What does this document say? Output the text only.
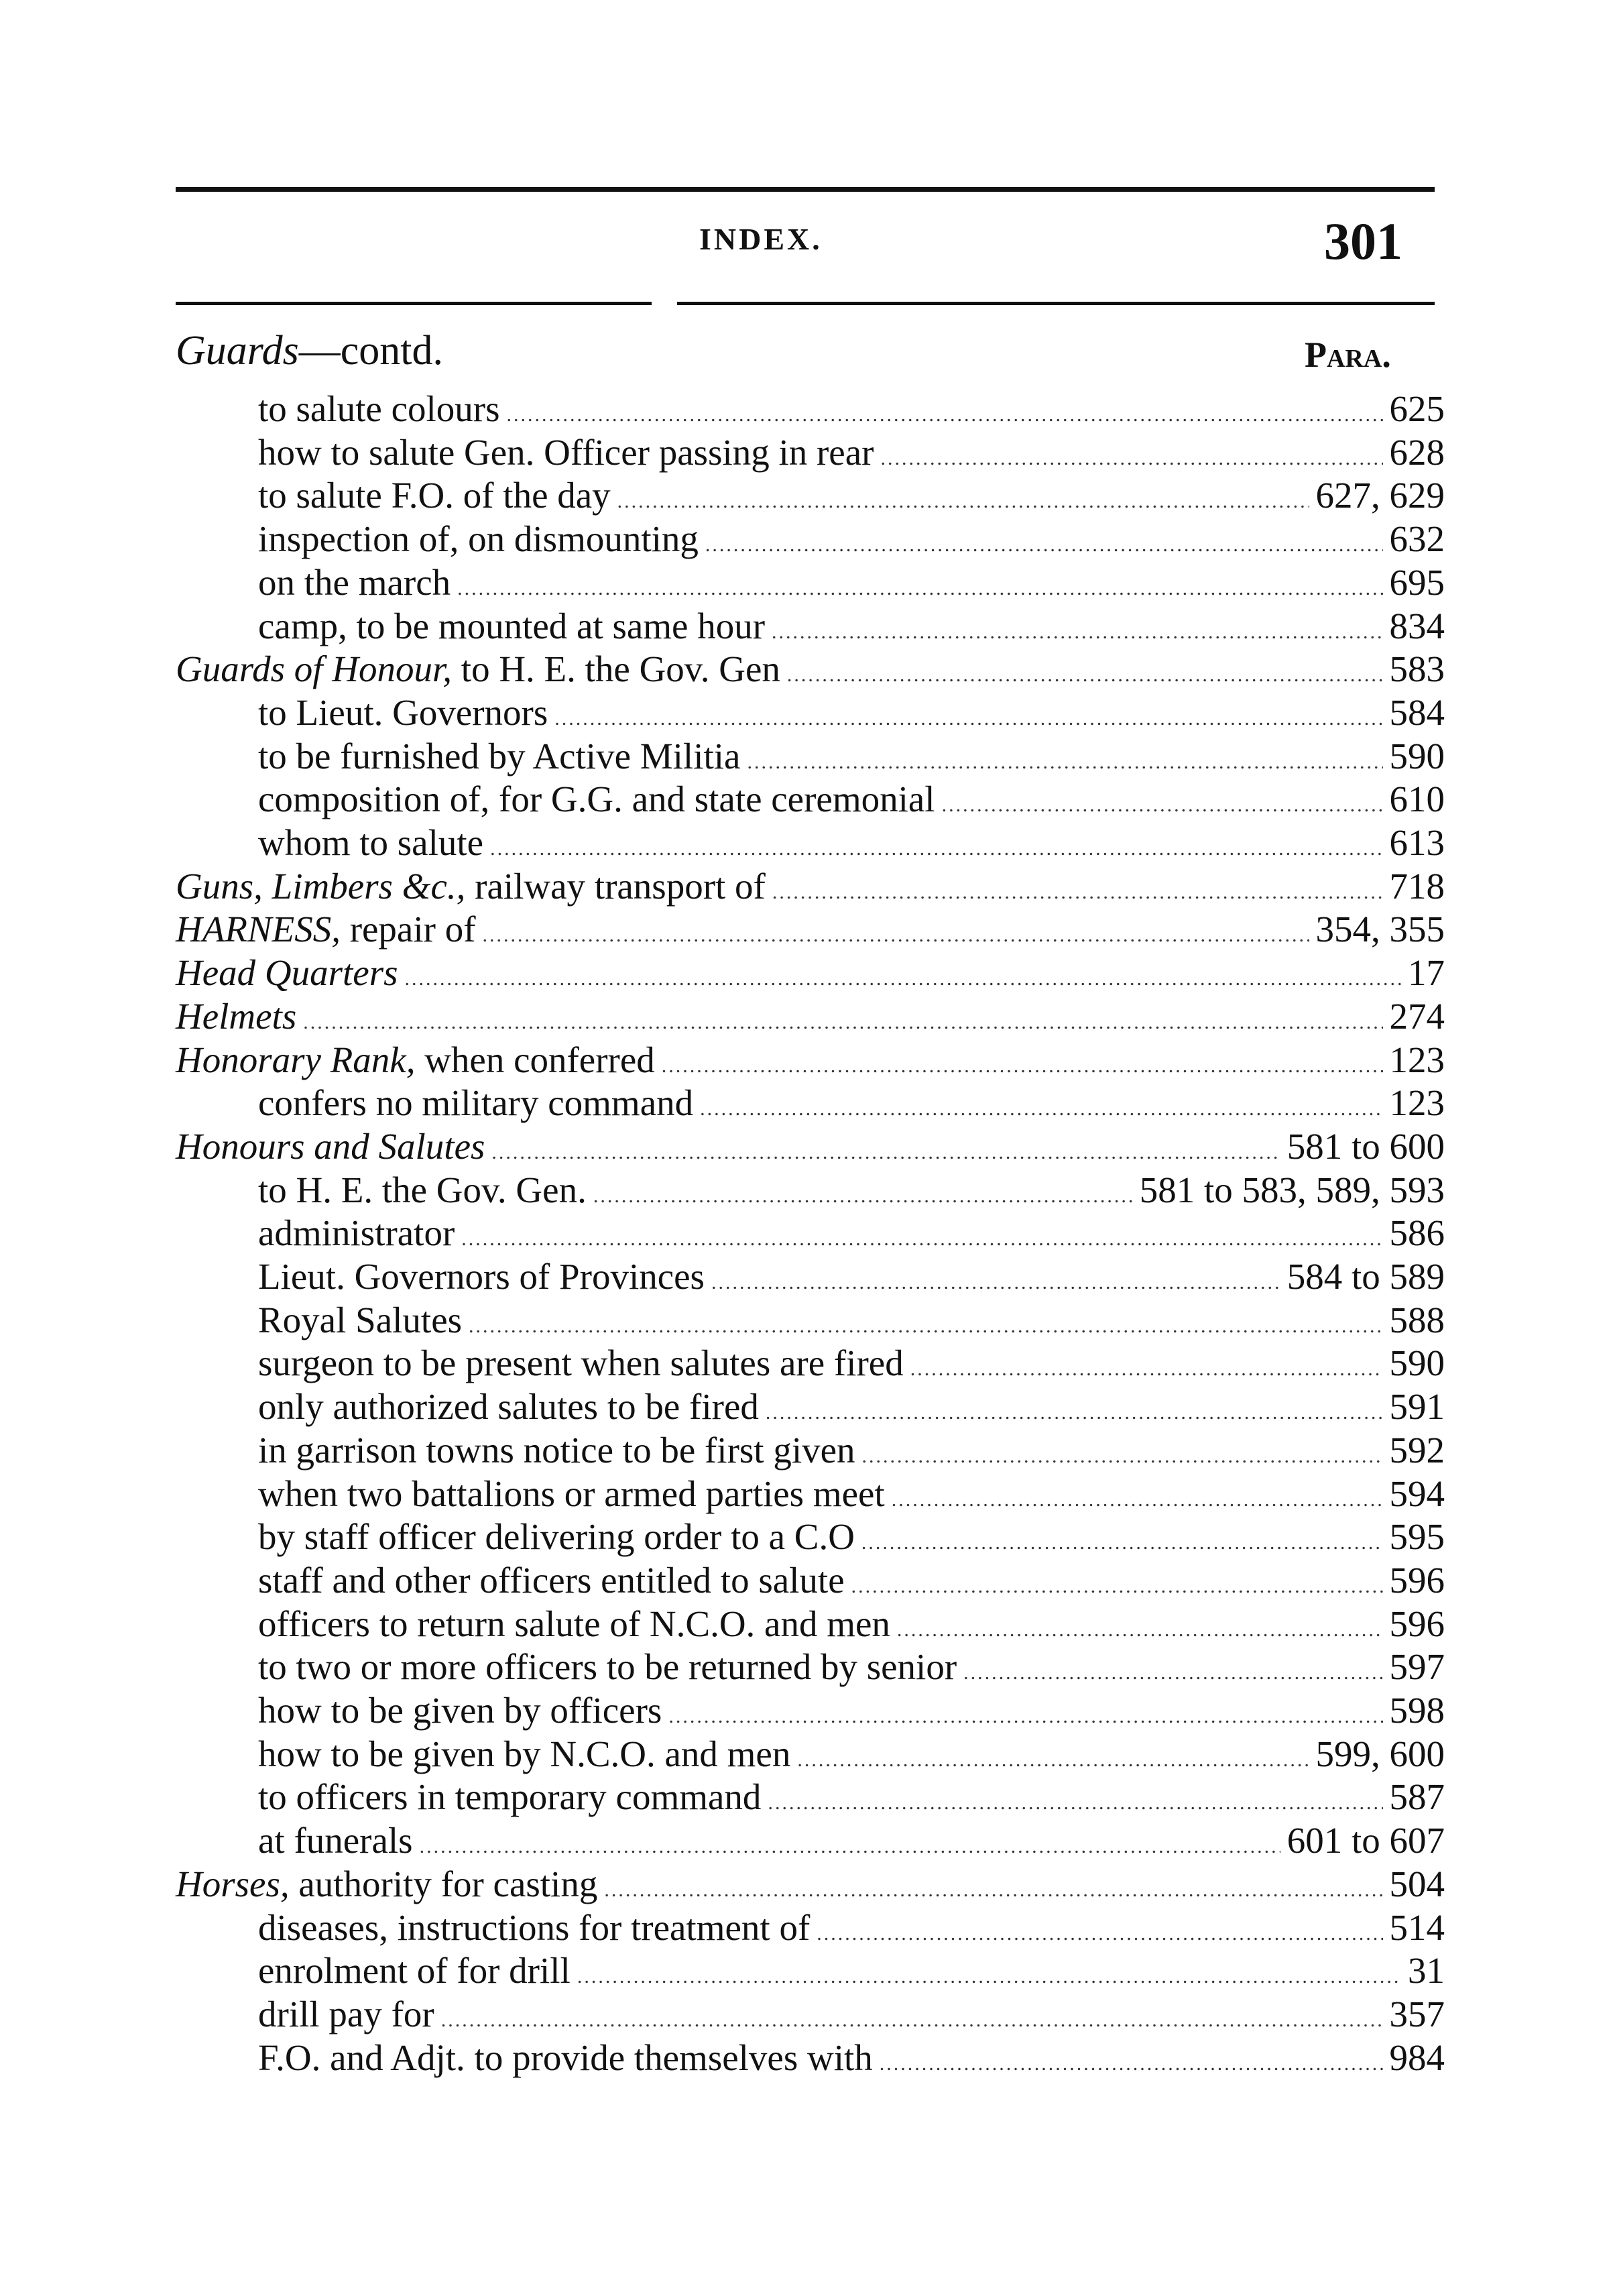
INDEX.	301
Guards—contd.	Para.
to salute colours .....	625
how to salute Gen. Officer passing in rear .....	628
to salute F.O. of the day .....	627, 629
inspection of, on dismounting .....	632
on the march .....	695
camp, to be mounted at same hour .....	834
Guards of Honour, to H. E. the Gov. Gen .....	583
to Lieut. Governors .....	584
to be furnished by Active Militia .....	590
composition of, for G.G. and state ceremonial .....	610
whom to salute .....	613
Guns, Limbers &c., railway transport of .....	718
HARNESS, repair of .....	354, 355
Head Quarters .....	17
Helmets .....	274
Honorary Rank, when conferred .....	123
confers no military command .....	123
Honours and Salutes .....	581 to 600
to H. E. the Gov. Gen. .....	581 to 583, 589, 593
administrator .....	586
Lieut. Governors of Provinces .....	584 to 589
Royal Salutes .....	588
surgeon to be present when salutes are fired .....	590
only authorized salutes to be fired .....	591
in garrison towns notice to be first given .....	592
when two battalions or armed parties meet .....	594
by staff officer delivering order to a C.O .....	595
staff and other officers entitled to salute .....	596
officers to return salute of N.C.O. and men .....	596
to two or more officers to be returned by senior .....	597
how to be given by officers .....	598
how to be given by N.C.O. and men .....	599, 600
to officers in temporary command .....	587
at funerals .....	601 to 607
Horses, authority for casting .....	504
diseases, instructions for treatment of .....	514
enrolment of for drill .....	31
drill pay for .....	357
F.O. and Adjt. to provide themselves with .....	984
